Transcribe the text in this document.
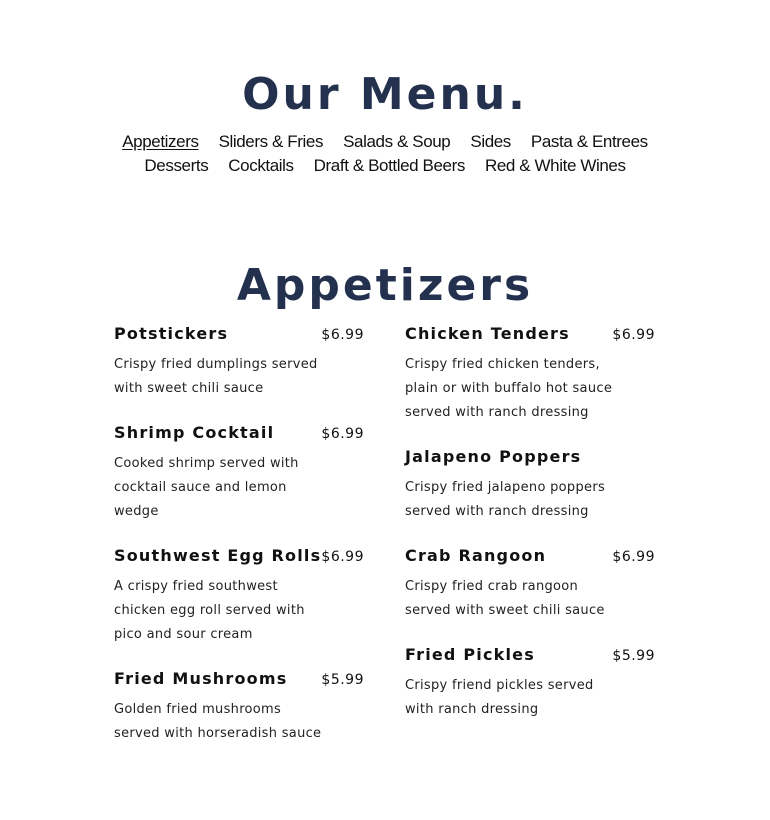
Our Menu.
Appetizers Sliders & Fries Salads & Soup Sides Pasta & Entrees
Desserts Cocktails Draft & Bottled Beers Red & White Wines
Appetizers
Potstickers	$6.99
Crispy fried dumplings served with sweet chili sauce
Shrimp Cocktail	$6.99
Cooked shrimp served with cocktail sauce and lemon wedge
Southwest Egg Rolls $6.99
A crispy fried southwest chicken egg roll served with pico and sour cream
Fried Mushrooms $5.99
Golden fried mushrooms served with horseradish sauce
Chicken Tenders	$6.99
Crispy fried chicken tenders, plain or with buffalo hot sauce served with ranch dressing
Jalapeno Poppers
Crispy fried jalapeno poppers served with ranch dressing
Crab Rangoon	$6.99
Crispy fried crab rangoon served with sweet chili sauce
Fried Pickles	$5.99
Crispy friend pickles served with ranch dressing
